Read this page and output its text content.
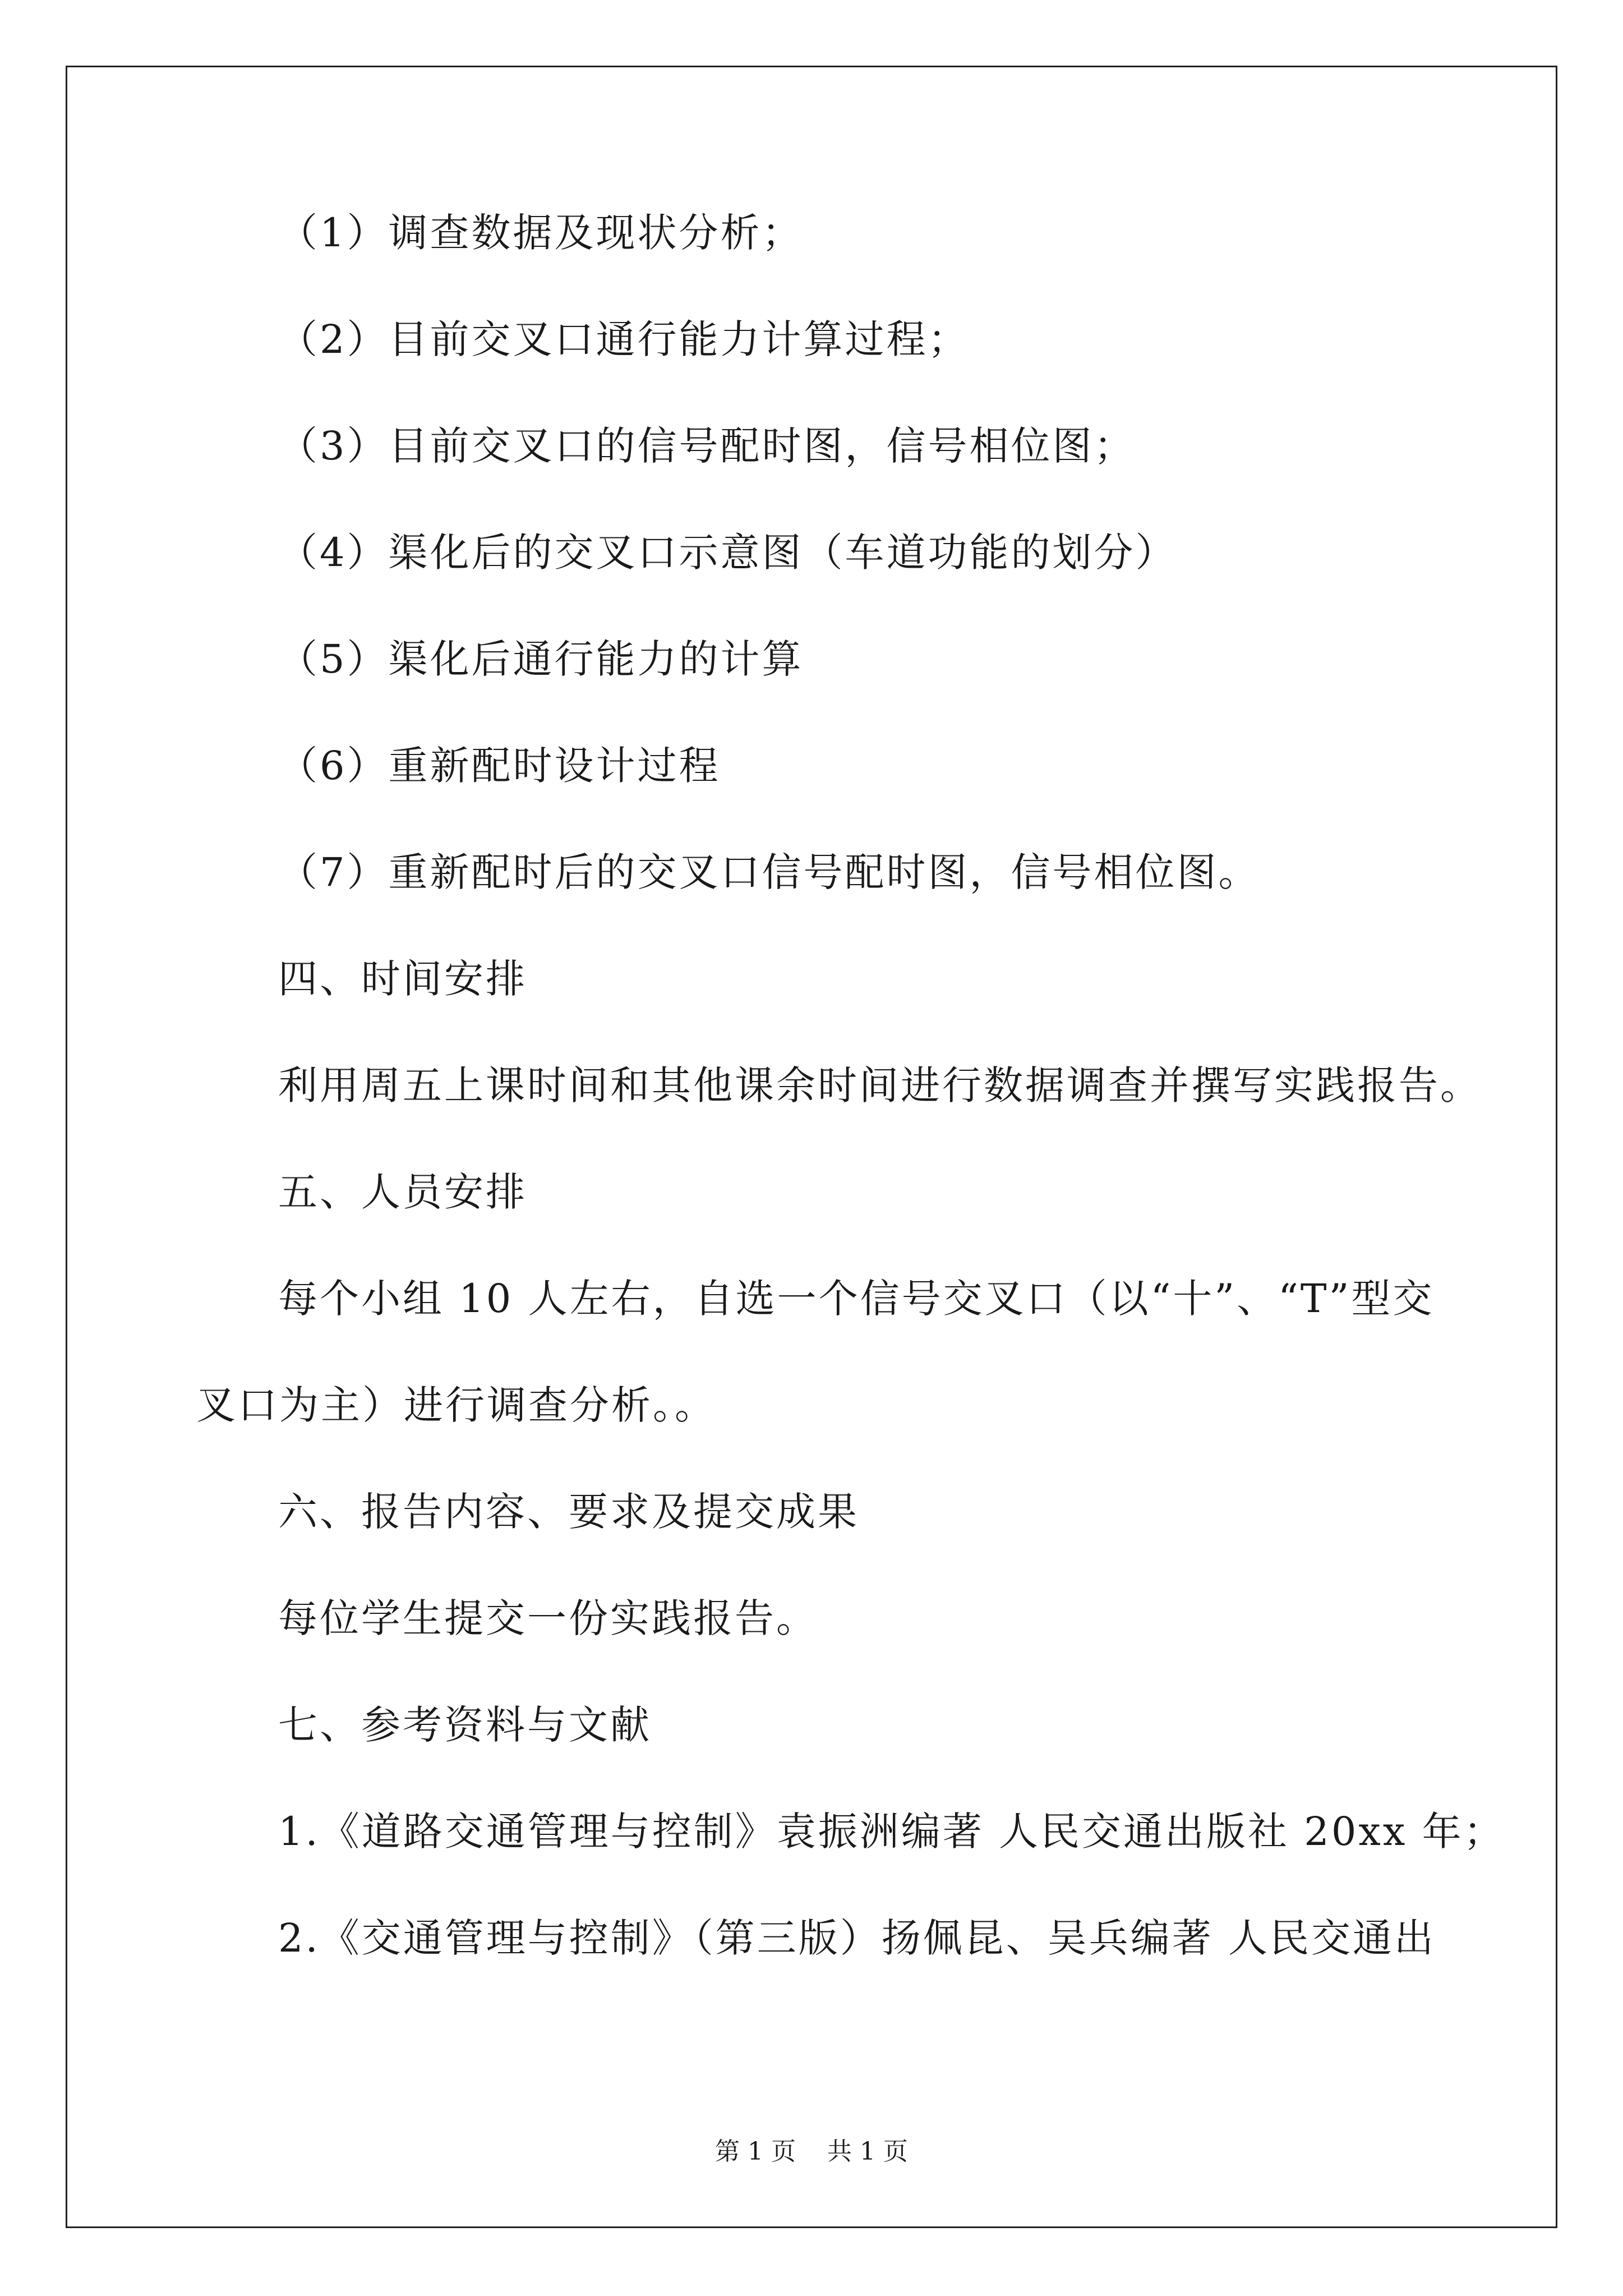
（1）调查数据及现状分析；
（2）目前交叉口通行能力计算过程；
（3）目前交叉口的信号配时图，信号相位图；
（4）渠化后的交叉口示意图（车道功能的划分）
（5）渠化后通行能力的计算
（6）重新配时设计过程
（7）重新配时后的交叉口信号配时图，信号相位图。
四、时间安排
利用周五上课时间和其他课余时间进行数据调查并撰写实践报告。
五、人员安排
每个小组 10 人左右，自选一个信号交叉口（以“十”、“T”型交
叉口为主）进行调查分析。。
六、报告内容、要求及提交成果
每位学生提交一份实践报告。
七、参考资料与文献
1.《道路交通管理与控制》袁振洲编著 人民交通出版社 20xx 年；
2.《交通管理与控制》（第三版）扬佩昆、吴兵编著 人民交通出
第 1 页    共 1 页
